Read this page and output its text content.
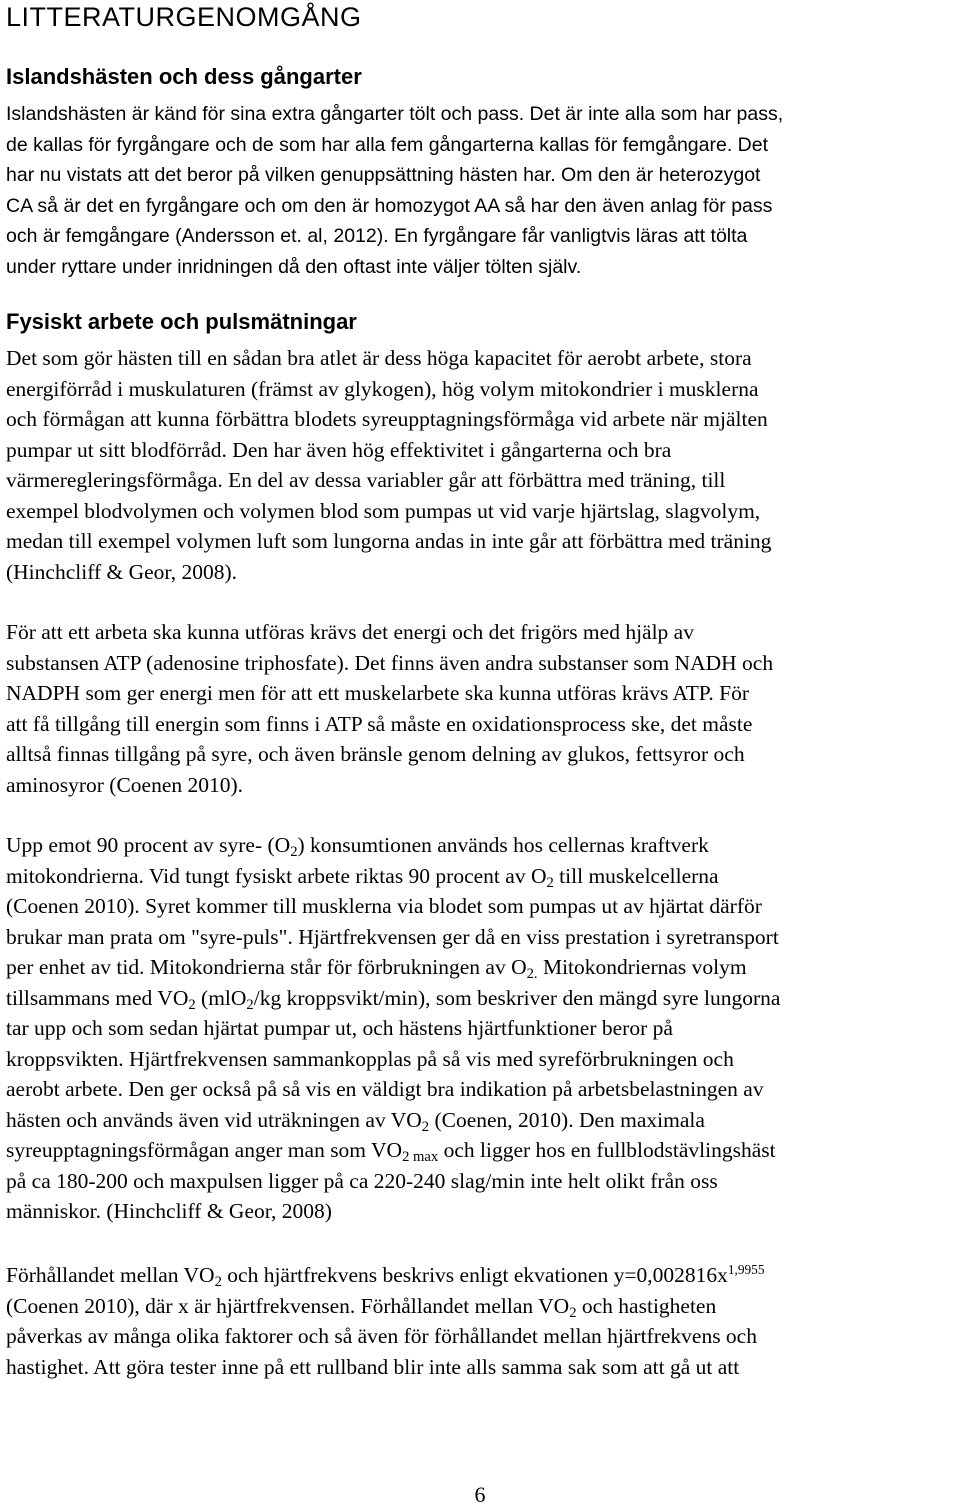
LITTERATURGENOMGÅNG
Islandshästen och dess gångarter
Islandshästen är känd för sina extra gångarter tölt och pass. Det är inte alla som har pass,
de kallas för fyrgångare och de som har alla fem gångarterna kallas för femgångare. Det
har nu vistats att det beror på vilken genuppsättning hästen har. Om den är heterozygot
CA så är det en fyrgångare och om den är homozygot AA så har den även anlag för pass
och är femgångare (Andersson et. al, 2012). En fyrgångare får vanligtvis läras att tölta
under ryttare under inridningen då den oftast inte väljer tölten själv.
Fysiskt arbete och pulsmätningar
Det som gör hästen till en sådan bra atlet är dess höga kapacitet för aerobt arbete, stora
energiförråd i muskulaturen (främst av glykogen), hög volym mitokondrier i musklerna
och förmågan att kunna förbättra blodets syreupptagningsförmåga vid arbete när mjälten
pumpar ut sitt blodförråd. Den har även hög effektivitet i gångarterna och bra
värmeregleringsförmåga. En del av dessa variabler går att förbättra med träning, till
exempel blodvolymen och volymen blod som pumpas ut vid varje hjärtslag, slagvolym,
medan till exempel volymen luft som lungorna andas in inte går att förbättra med träning
(Hinchcliff & Geor, 2008).
För att ett arbeta ska kunna utföras krävs det energi och det frigörs med hjälp av
substansen ATP (adenosine triphosfate). Det finns även andra substanser som NADH och
NADPH som ger energi men för att ett muskelarbete ska kunna utföras krävs ATP. För
att få tillgång till energin som finns i ATP så måste en oxidationsprocess ske, det måste
alltså finnas tillgång på syre, och även bränsle genom delning av glukos, fettsyror och
aminosyror (Coenen 2010).
Upp emot 90 procent av syre- $(O_2)$ konsumtionen används hos cellernas kraftverk
mitokondrierna. Vid tungt fysiskt arbete riktas 90 procent av $O_2$ till muskelcellerna
(Coenen 2010). Syret kommer till musklerna via blodet som pumpas ut av hjärtat därför
brukar man prata om "syre-puls". Hjärtfrekvensen ger då en viss prestation i syretransport
per enhet av tid. Mitokondrierna står för förbrukningen av $O_{2.}$ Mitokondriernas volym
tillsammans med $VO_2$ (mlO$_2$/kg kroppsvikt/min), som beskriver den mängd syre lungorna
tar upp och som sedan hjärtat pumpar ut, och hästens hjärtfunktioner beror på
kroppsvikten. Hjärtfrekvensen sammankopplas på så vis med syreförbrukningen och
aerobt arbete. Den ger också på så vis en väldigt bra indikation på arbetsbelastningen av
hästen och används även vid uträkningen av $VO_2$ (Coenen, 2010). Den maximala
syreupptagningsförmågan anger man som $VO_{2 max}$ och ligger hos en fullblodstävlingshäst
på ca 180-200 och maxpulsen ligger på ca 220-240 slag/min inte helt olikt från oss
människor. (Hinchcliff & Geor, 2008)
Förhållandet mellan $VO_2$ och hjärtfrekvens beskrivs enligt ekvationen $y=0,002816x^{1,9955}$
(Coenen 2010), där x är hjärtfrekvensen. Förhållandet mellan $VO_2$ och hastigheten
påverkas av många olika faktorer och så även för förhållandet mellan hjärtfrekvens och
hastighet. Att göra tester inne på ett rullband blir inte alls samma sak som att gå ut att
6
